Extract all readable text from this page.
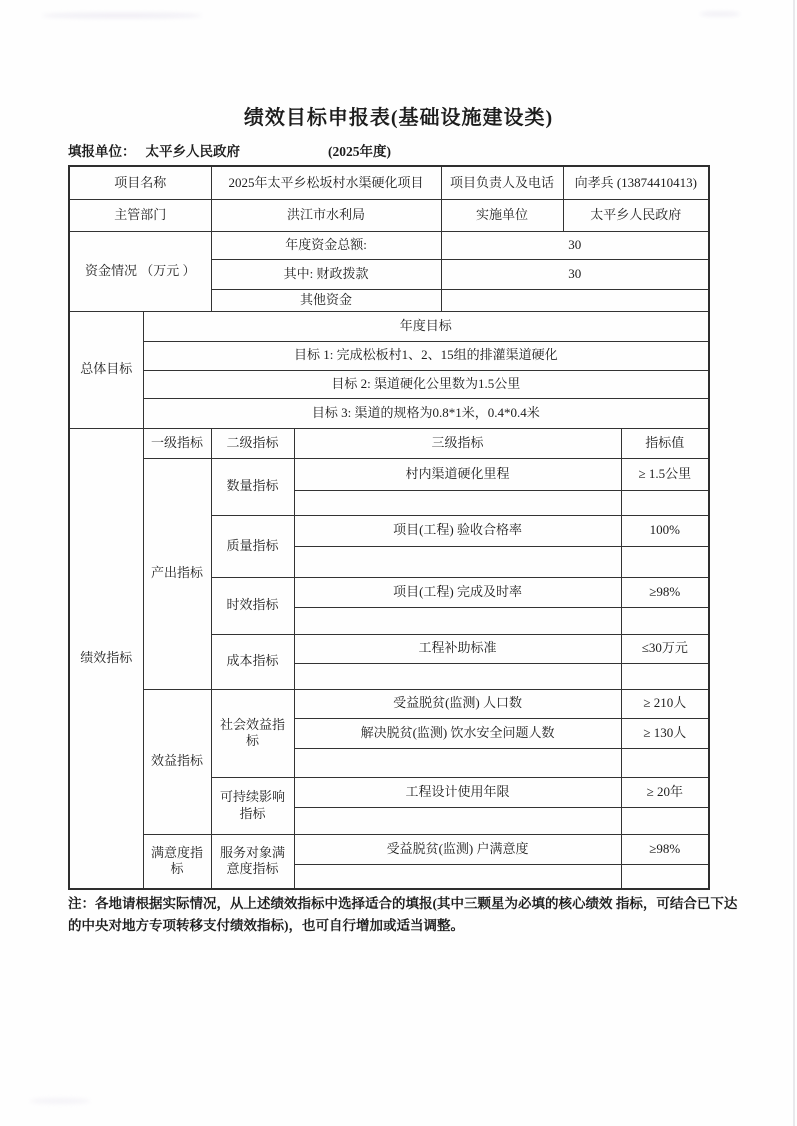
绩效目标申报表(基础设施建设类)
填报单位： 太平乡人民政府	(2025年度)
项目名称		2025年太平乡松坂村水渠硬化项目		项目负责人及电话	向孝兵 (13874410413)	
主管部门		洪江市水利局		实施单位	太平乡人民政府	
资金情况 （万元 ）		年度资金总额:		30		
		其中: 财政拨款		30		
		其他资金				
总体目标	年度目标					
	目标 1: 完成松板村1、2、15组的排灌渠道硬化					
	目标 2: 渠道硬化公里数为1.5公里					
	目标 3: 渠道的规格为0.8*1米，0.4*0.4米					
绩效指标	一级指标	二级指标	三级指标			指标值
	产出指标	数量指标	村内渠道硬化里程			≥ 1.5公里

		质量指标	项目(工程) 验收合格率			100%

		时效指标	项目(工程) 完成及时率			≥98%

		成本指标	工程补助标准			≤30万元

	效益指标	社会效益指标	受益脱贫(监测) 人口数			≥ 210人
			解决脱贫(监测) 饮水安全问题人数			≥ 130人

		可持续影响指标	工程设计使用年限			≥ 20年

	满意度指标	服务对象满意度指标	受益脱贫(监测) 户满意度			≥98%

注：各地请根据实际情况，从上述绩效指标中选择适合的填报(其中三颗星为必填的核心绩效 指标，可结合已下达的中央对地方专项转移支付绩效指标)，也可自行增加或适当调整。
